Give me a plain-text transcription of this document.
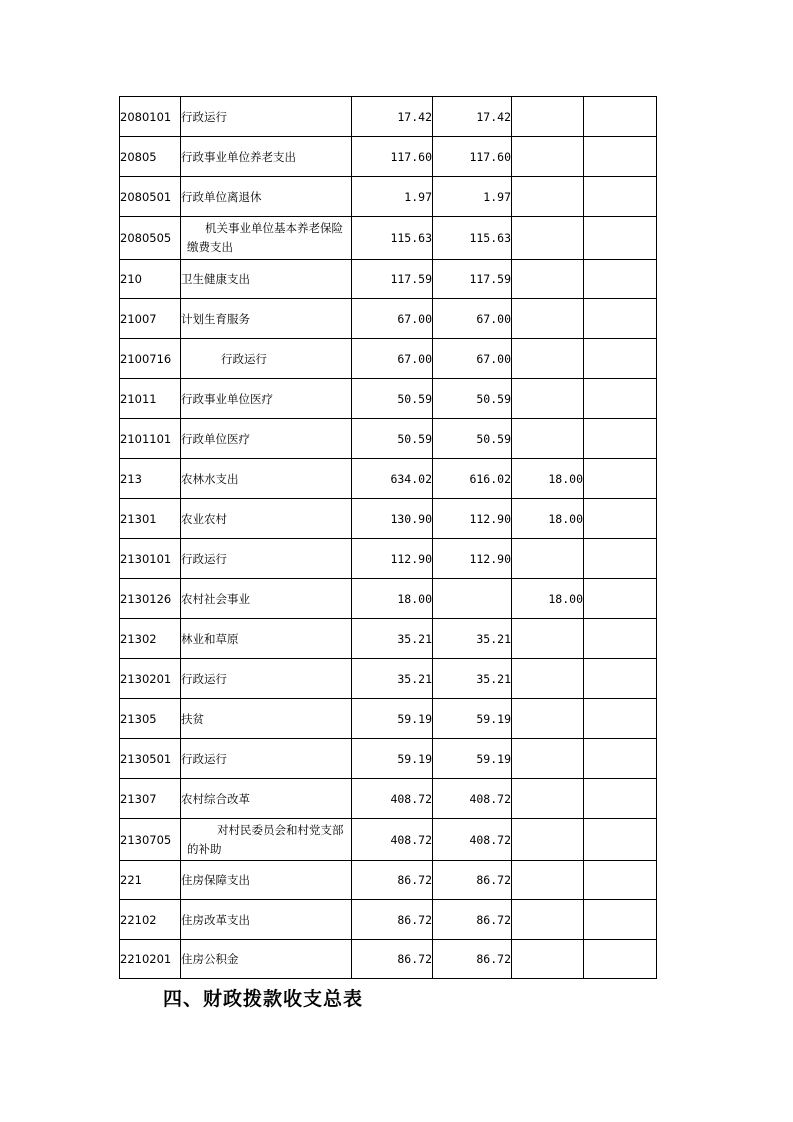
2080101	行政运行	17.42	17.42		
20805	行政事业单位养老支出	117.60	117.60		
2080501	行政单位离退休	1.97	1.97		
2080505	机关事业单位基本养老保险缴费支出	115.63	115.63		
210	卫生健康支出	117.59	117.59		
21007	计划生育服务	67.00	67.00		
2100716	行政运行	67.00	67.00		
21011	行政事业单位医疗	50.59	50.59		
2101101	行政单位医疗	50.59	50.59		
213	农林水支出	634.02	616.02	18.00	
21301	农业农村	130.90	112.90	18.00	
2130101	行政运行	112.90	112.90		
2130126	农村社会事业	18.00		18.00	
21302	林业和草原	35.21	35.21		
2130201	行政运行	35.21	35.21		
21305	扶贫	59.19	59.19		
2130501	行政运行	59.19	59.19		
21307	农村综合改革	408.72	408.72		
2130705	对村民委员会和村党支部的补助	408.72	408.72		
221	住房保障支出	86.72	86.72		
22102	住房改革支出	86.72	86.72		
2210201	住房公积金	86.72	86.72		
四、财政拨款收支总表
